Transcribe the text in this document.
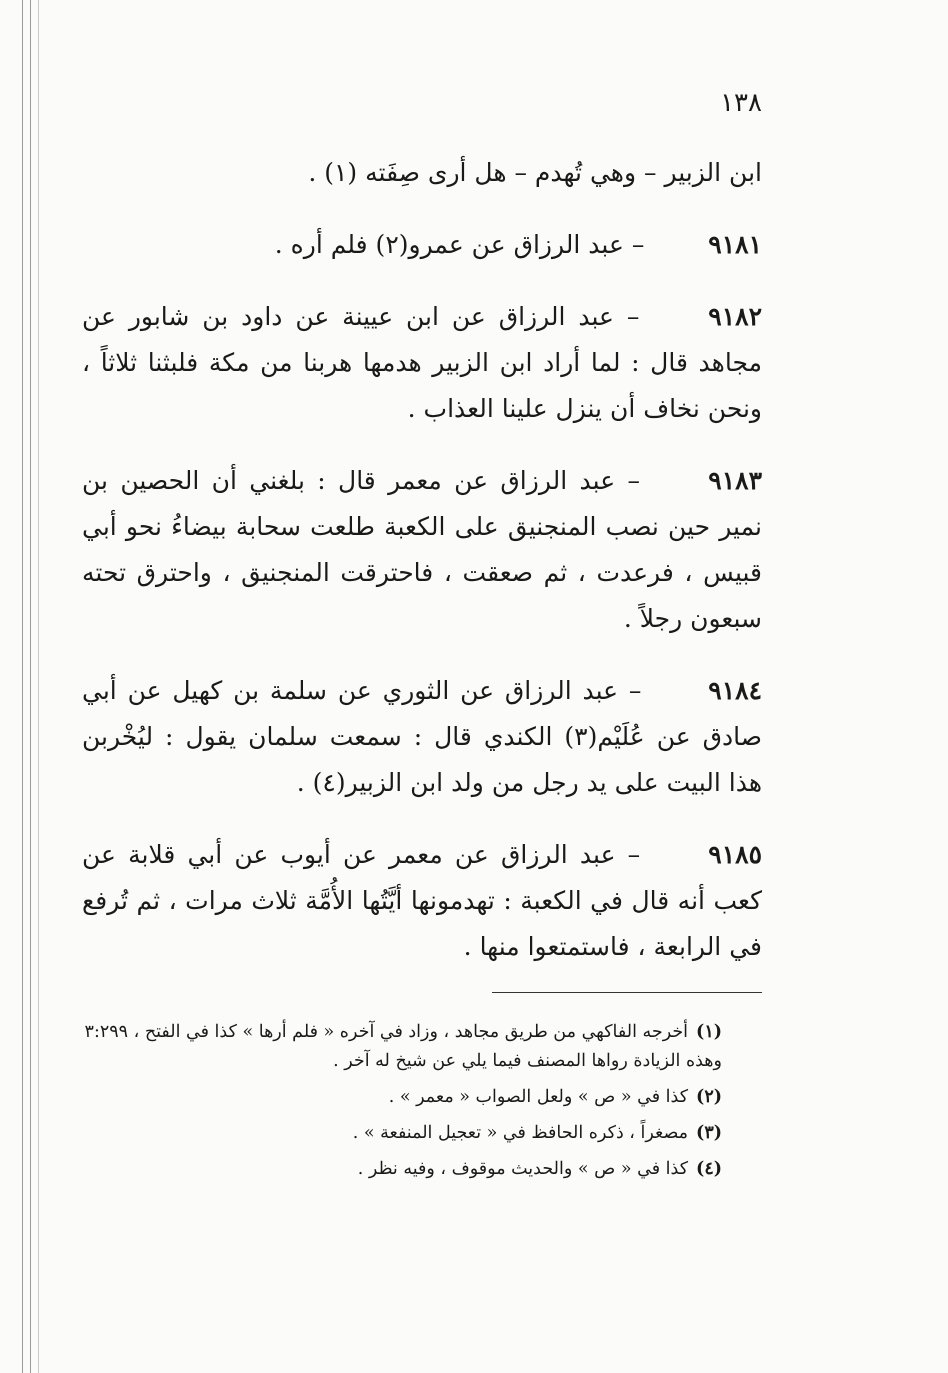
١٣٨

ابن الزبير – وهي تُهدم – هل أرى صِفَته (١) .

٩١٨١ – عبد الرزاق عن عمرو(٢) فلم أره .

٩١٨٢ – عبد الرزاق عن ابن عيينة عن داود بن شابور عن مجاهد قال : لما أراد ابن الزبير هدمها هربنا من مكة فلبثنا ثلاثاً ، ونحن نخاف أن ينزل علينا العذاب .

٩١٨٣ – عبد الرزاق عن معمر قال : بلغني أن الحصين بن نمير حين نصب المنجنيق على الكعبة طلعت سحابة بيضاءُ نحو أبي قبيس ، فرعدت ، ثم صعقت ، فاحترقت المنجنيق ، واحترق تحته سبعون رجلاً .

٩١٨٤ – عبد الرزاق عن الثوري عن سلمة بن كهيل عن أبي صادق عن عُلَيْم(٣) الكندي قال : سمعت سلمان يقول : ليُخْربن هذا البيت على يد رجل من ولد ابن الزبير(٤) .

٩١٨٥ – عبد الرزاق عن معمر عن أيوب عن أبي قلابة عن كعب أنه قال في الكعبة : تهدمونها أيَّتُها الأُمَّة ثلاث مرات ، ثم تُرفع في الرابعة ، فاستمتعوا منها .

(١)أخرجه الفاكهي من طريق مجاهد ، وزاد في آخره « فلم أرها » كذا في الفتح ، ٣:٢٩٩ وهذه الزيادة رواها المصنف فيما يلي عن شيخ له آخر .

(٢)كذا في « ص » ولعل الصواب « معمر » .

(٣)مصغراً ، ذكره الحافظ في « تعجيل المنفعة » .

(٤)كذا في « ص » والحديث موقوف ، وفيه نظر .
